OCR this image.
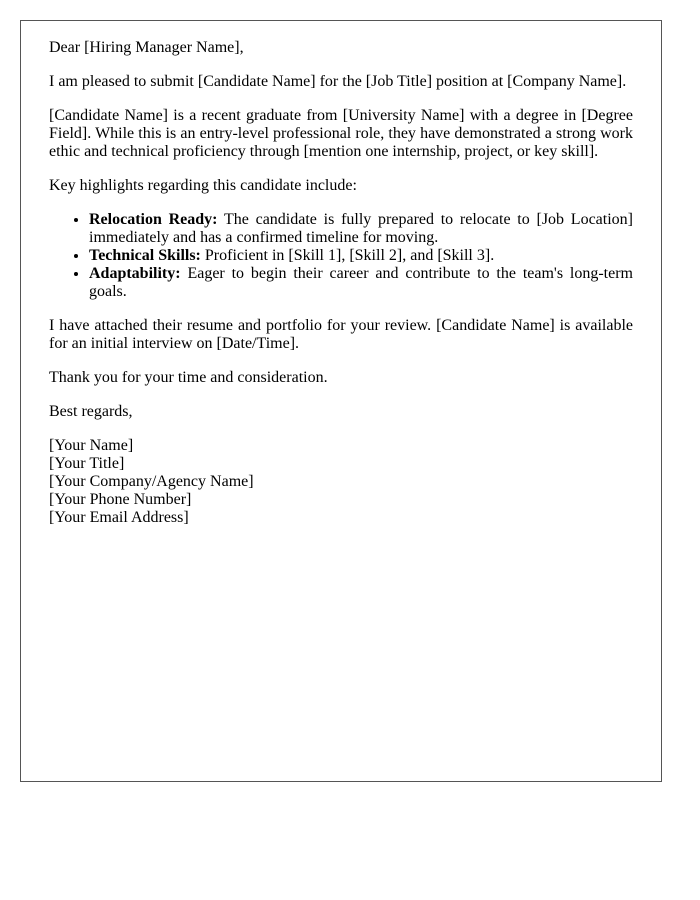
Dear [Hiring Manager Name],

I am pleased to submit [Candidate Name] for the [Job Title] position at [Company Name].

[Candidate Name] is a recent graduate from [University Name] with a degree in [Degree Field]. While this is an entry-level professional role, they have demonstrated a strong work ethic and technical proficiency through [mention one internship, project, or key skill].

Key highlights regarding this candidate include:

• Relocation Ready: The candidate is fully prepared to relocate to [Job Location] immediately and has a confirmed timeline for moving.
• Technical Skills: Proficient in [Skill 1], [Skill 2], and [Skill 3].
• Adaptability: Eager to begin their career and contribute to the team's long-term goals.

I have attached their resume and portfolio for your review. [Candidate Name] is available for an initial interview on [Date/Time].

Thank you for your time and consideration.

Best regards,

[Your Name]
[Your Title]
[Your Company/Agency Name]
[Your Phone Number]
[Your Email Address]
